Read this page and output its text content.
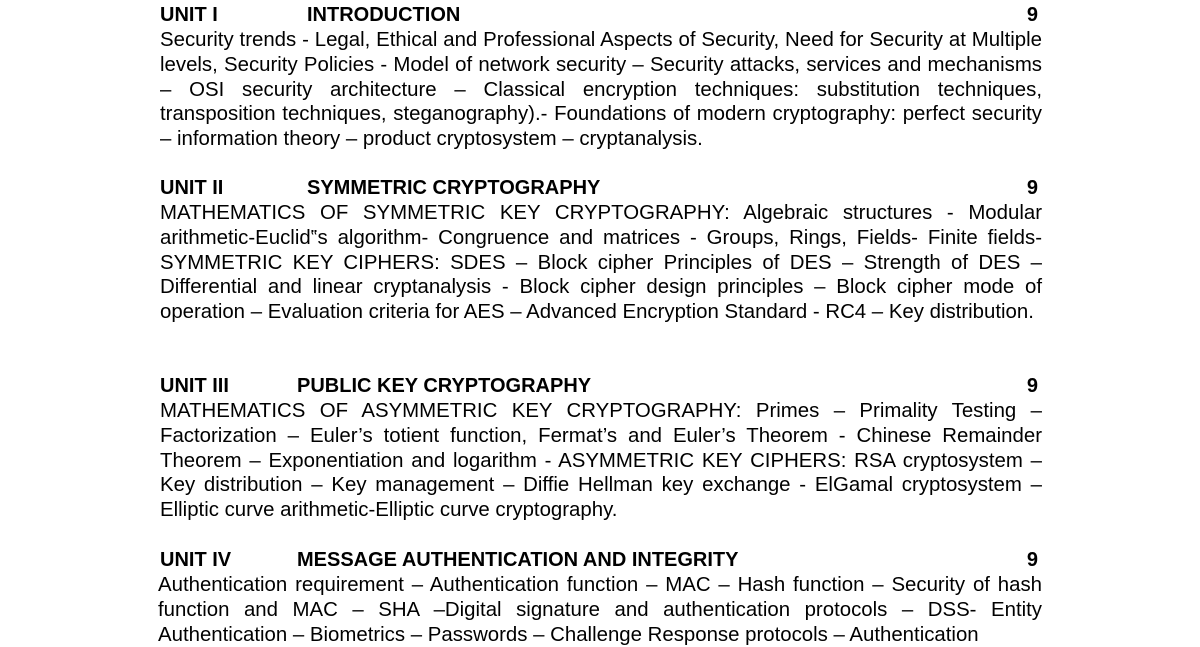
UNIT I	INTRODUCTION	9

Security trends - Legal, Ethical and Professional Aspects of Security, Need for Security at Multiple levels, Security Policies - Model of network security – Security attacks, services and mechanisms – OSI security architecture – Classical encryption techniques: substitution techniques, transposition techniques, steganography).- Foundations of modern cryptography: perfect security – information theory – product cryptosystem – cryptanalysis.

UNIT II	SYMMETRIC CRYPTOGRAPHY	9

MATHEMATICS OF SYMMETRIC KEY CRYPTOGRAPHY: Algebraic structures - Modular arithmetic-Euclid‟s algorithm- Congruence and matrices - Groups, Rings, Fields- Finite fields- SYMMETRIC KEY CIPHERS: SDES – Block cipher Principles of DES – Strength of DES – Differential and linear cryptanalysis - Block cipher design principles – Block cipher mode of operation – Evaluation criteria for AES – Advanced Encryption Standard - RC4 – Key distribution.

UNIT III	PUBLIC KEY CRYPTOGRAPHY	9

MATHEMATICS OF ASYMMETRIC KEY CRYPTOGRAPHY: Primes – Primality Testing – Factorization – Euler’s totient function, Fermat’s and Euler’s Theorem - Chinese Remainder Theorem – Exponentiation and logarithm - ASYMMETRIC KEY CIPHERS: RSA cryptosystem – Key distribution – Key management – Diffie Hellman key exchange - ElGamal cryptosystem – Elliptic curve arithmetic-Elliptic curve cryptography.

UNIT IV	MESSAGE AUTHENTICATION AND INTEGRITY	9

Authentication requirement – Authentication function – MAC – Hash function – Security of hash function and MAC – SHA –Digital signature and authentication protocols – DSS- Entity Authentication – Biometrics – Passwords – Challenge Response protocols – Authentication
